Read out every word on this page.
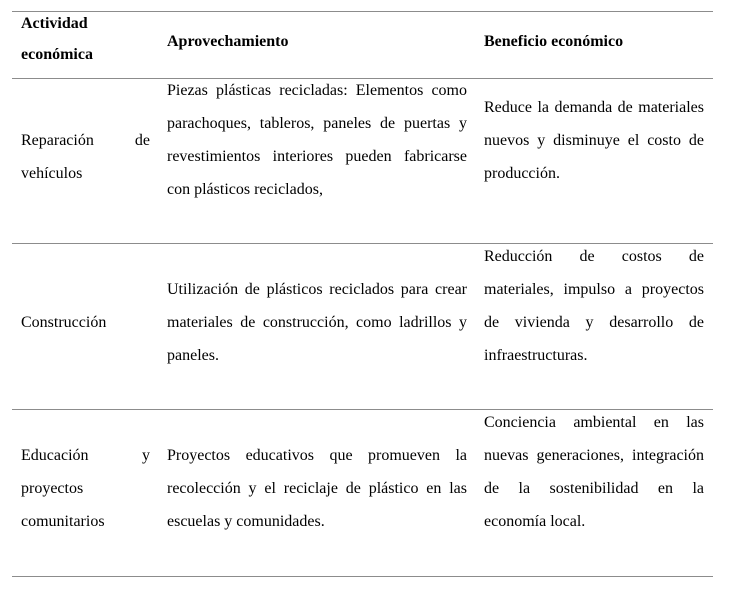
Actividad económica
Aprovechamiento	Beneficio económico
Reparación de vehículos
Piezas plásticas recicladas: Elementos como parachoques, tableros, paneles de puertas y revestimientos interiores pueden fabricarse con plásticos reciclados,
Reduce la demanda de materiales nuevos y disminuye el costo de producción.
Construcción
Utilización de plásticos reciclados para crear materiales de construcción, como ladrillos y paneles.
Reducción de costos de materiales, impulso a proyectos de vivienda y desarrollo de infraestructuras.
Educación y proyectos comunitarios
Proyectos educativos que promueven la recolección y el reciclaje de plástico en las escuelas y comunidades.
Conciencia ambiental en las nuevas generaciones, integración de la sostenibilidad en la economía local.
